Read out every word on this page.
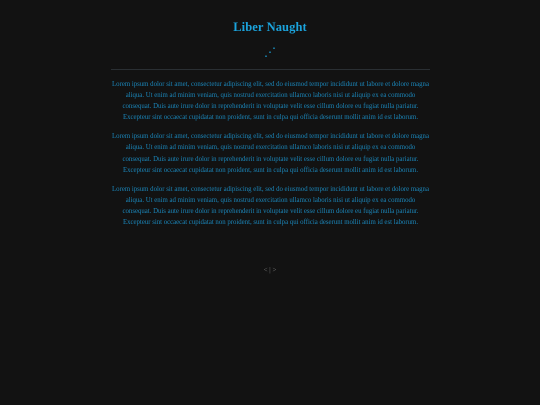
Liber Naught
⋰

Lorem ipsum dolor sit amet, consectetur adipiscing elit, sed do eiusmod tempor incididunt ut labore et dolore magna aliqua. Ut enim ad minim veniam, quis nostrud exercitation ullamco laboris nisi ut aliquip ex ea commodo consequat. Duis aute irure dolor in reprehenderit in voluptate velit esse cillum dolore eu fugiat nulla pariatur. Excepteur sint occaecat cupidatat non proident, sunt in culpa qui officia deserunt mollit anim id est laborum.

Lorem ipsum dolor sit amet, consectetur adipiscing elit, sed do eiusmod tempor incididunt ut labore et dolore magna aliqua. Ut enim ad minim veniam, quis nostrud exercitation ullamco laboris nisi ut aliquip ex ea commodo consequat. Duis aute irure dolor in reprehenderit in voluptate velit esse cillum dolore eu fugiat nulla pariatur. Excepteur sint occaecat cupidatat non proident, sunt in culpa qui officia deserunt mollit anim id est laborum.

Lorem ipsum dolor sit amet, consectetur adipiscing elit, sed do eiusmod tempor incididunt ut labore et dolore magna aliqua. Ut enim ad minim veniam, quis nostrud exercitation ullamco laboris nisi ut aliquip ex ea commodo consequat. Duis aute irure dolor in reprehenderit in voluptate velit esse cillum dolore eu fugiat nulla pariatur. Excepteur sint occaecat cupidatat non proident, sunt in culpa qui officia deserunt mollit anim id est laborum.

< | >
